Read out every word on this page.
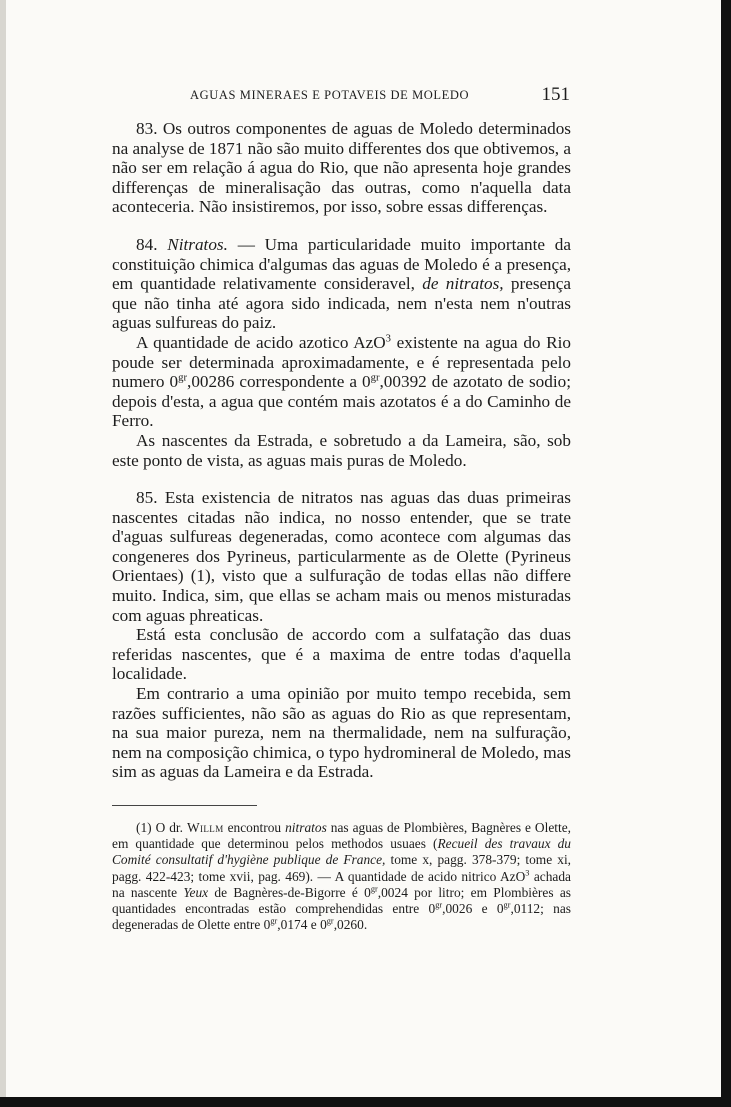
AGUAS MINERAES E POTAVEIS DE MOLEDO	151

83. Os outros componentes de aguas de Moledo determinados na analyse de 1871 não são muito differentes dos que obtivemos, a não ser em relação á agua do Rio, que não apresenta hoje grandes differenças de mineralisação das outras, como n'aquella data aconteceria. Não insistiremos, por isso, sobre essas differenças.

84. Nitratos. — Uma particularidade muito importante da constituição chimica d'algumas das aguas de Moledo é a presença, em quantidade relativamente consideravel, de nitratos, presença que não tinha até agora sido indicada, nem n'esta nem n'outras aguas sulfureas do paiz.

A quantidade de acido azotico AzO$^3$ existente na agua do Rio poude ser determinada aproximadamente, e é representada pelo numero $0^{gr},00286$ correspondente a $0^{gr},00392$ de azotato de sodio; depois d'esta, a agua que contém mais azotatos é a do Caminho de Ferro.

As nascentes da Estrada, e sobretudo a da Lameira, são, sob este ponto de vista, as aguas mais puras de Moledo.

85. Esta existencia de nitratos nas aguas das duas primeiras nascentes citadas não indica, no nosso entender, que se trate d'aguas sulfureas degeneradas, como acontece com algumas das congeneres dos Pyrineus, particularmente as de Olette (Pyrineus Orientaes) (1), visto que a sulfuração de todas ellas não differe muito. Indica, sim, que ellas se acham mais ou menos misturadas com aguas phreaticas.

Está esta conclusão de accordo com a sulfatação das duas referidas nascentes, que é a maxima de entre todas d'aquella localidade.

Em contrario a uma opinião por muito tempo recebida, sem razões sufficientes, não são as aguas do Rio as que representam, na sua maior pureza, nem na thermalidade, nem na sulfuração, nem na composição chimica, o typo hydromineral de Moledo, mas sim as aguas da Lameira e da Estrada.

(1) O dr. Willm encontrou nitratos nas aguas de Plombières, Bagnères e Olette, em quantidade que determinou pelos methodos usuaes (Recueil des travaux du Comité consultatif d'hygiène publique de France, tome x, pagg. 378-379; tome xi, pagg. 422-423; tome xvii, pag. 469). — A quantidade de acido nitrico AzO$^3$ achada na nascente Yeux de Bagnères-de-Bigorre é $0^{gr},0024$ por litro; em Plombières as quantidades encontradas estão comprehendidas entre $0^{gr},0026$ e $0^{gr},0112$; nas degeneradas de Olette entre $0^{gr},0174$ e $0^{gr},0260$.
